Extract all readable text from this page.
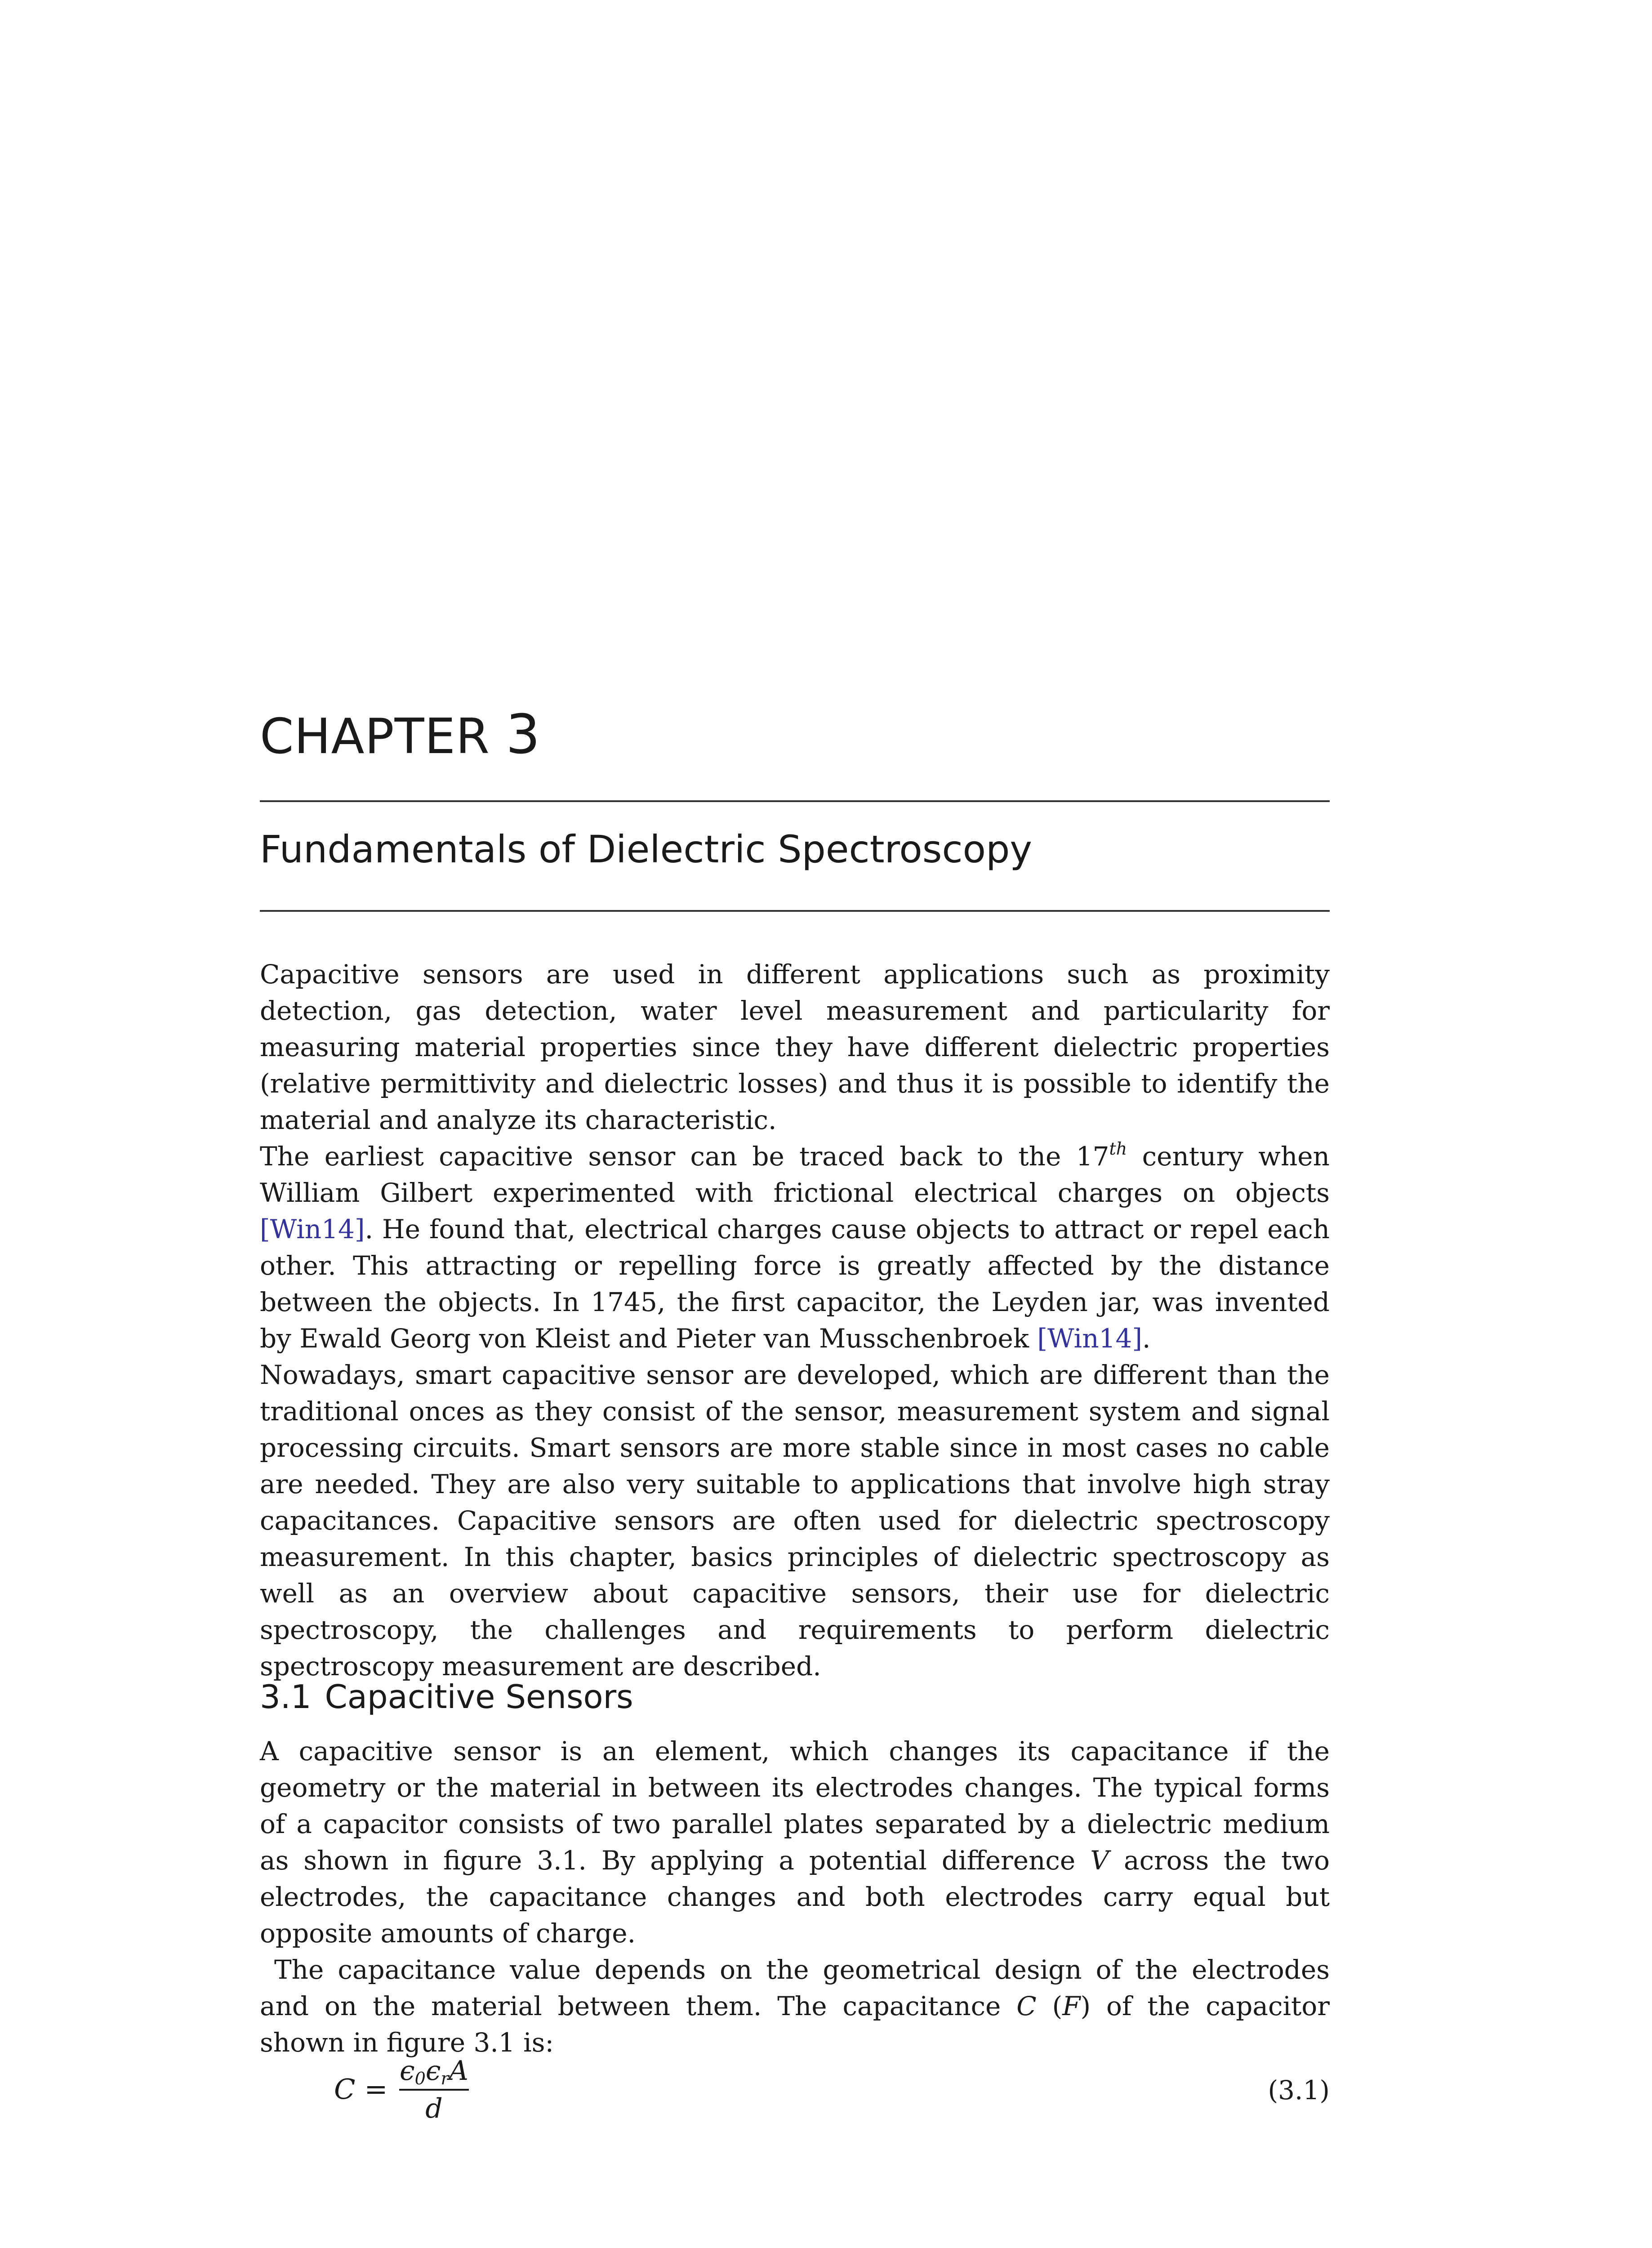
CHAPTER 3
Fundamentals of Dielectric Spectroscopy

Capacitive sensors are used in different applications such as proximity detection, gas detection, water level measurement and particularity for measuring material properties since they have different dielectric properties (relative permittivity and dielectric losses) and thus it is possible to identify the material and analyze its characteristic.

The earliest capacitive sensor can be traced back to the 17th century when William Gilbert experimented with frictional electrical charges on objects [Win14]. He found that, electrical charges cause objects to attract or repel each other. This attracting or repelling force is greatly affected by the distance between the objects. In 1745, the first capacitor, the Leyden jar, was invented by Ewald Georg von Kleist and Pieter van Musschenbroek [Win14].

Nowadays, smart capacitive sensor are developed, which are different than the traditional onces as they consist of the sensor, measurement system and signal processing circuits. Smart sensors are more stable since in most cases no cable are needed. They are also very suitable to applications that involve high stray capacitances. Capacitive sensors are often used for dielectric spectroscopy measurement. In this chapter, basics principles of dielectric spectroscopy as well as an overview about capacitive sensors, their use for dielectric spectroscopy, the challenges and requirements to perform dielectric spectroscopy measurement are described.

3.1 Capacitive Sensors

A capacitive sensor is an element, which changes its capacitance if the geometry or the material in between its electrodes changes. The typical forms of a capacitor consists of two parallel plates separated by a dielectric medium as shown in figure 3.1. By applying a potential difference V across the two electrodes, the capacitance changes and both electrodes carry equal but opposite amounts of charge.

The capacitance value depends on the geometrical design of the electrodes and on the material between them. The capacitance C (F) of the capacitor shown in figure 3.1 is:

C =
$\epsilon_0\epsilon_rA$
d
(3.1)
